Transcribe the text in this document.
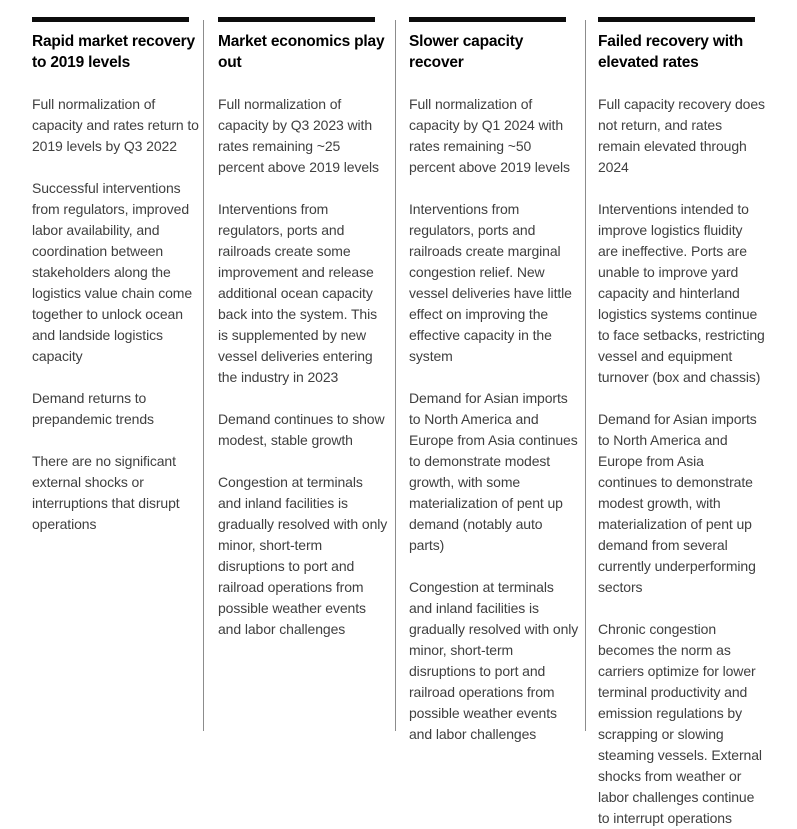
Rapid market recovery to 2019 levels

Full normalization of capacity and rates return to 2019 levels by Q3 2022

Successful interventions from regulators, improved labor availability, and coordination between stakeholders along the logistics value chain come together to unlock ocean and landside logistics capacity

Demand returns to prepandemic trends

There are no significant external shocks or interruptions that disrupt operations

Market economics play out

Full normalization of capacity by Q3 2023 with rates remaining ~25 percent above 2019 levels

Interventions from regulators, ports and railroads create some improvement and release additional ocean capacity back into the system. This is supplemented by new vessel deliveries entering the industry in 2023

Demand continues to show modest, stable growth

Congestion at terminals and inland facilities is gradually resolved with only minor, short-term disruptions to port and railroad operations from possible weather events and labor challenges

Slower capacity recover

Full normalization of capacity by Q1 2024 with rates remaining ~50 percent above 2019 levels

Interventions from regulators, ports and railroads create marginal congestion relief. New vessel deliveries have little effect on improving the effective capacity in the system

Demand for Asian imports to North America and Europe from Asia continues to demonstrate modest growth, with some materialization of pent up demand (notably auto parts)

Congestion at terminals and inland facilities is gradually resolved with only minor, short-term disruptions to port and railroad operations from possible weather events and labor challenges

Failed recovery with elevated rates

Full capacity recovery does not return, and rates remain elevated through 2024

Interventions intended to improve logistics fluidity are ineffective. Ports are unable to improve yard capacity and hinterland logistics systems continue to face setbacks, restricting vessel and equipment turnover (box and chassis)

Demand for Asian imports to North America and Europe from Asia continues to demonstrate modest growth, with materialization of pent up demand from several currently underperforming sectors

Chronic congestion becomes the norm as carriers optimize for lower terminal productivity and emission regulations by scrapping or slowing steaming vessels. External shocks from weather or labor challenges continue to interrupt operations
